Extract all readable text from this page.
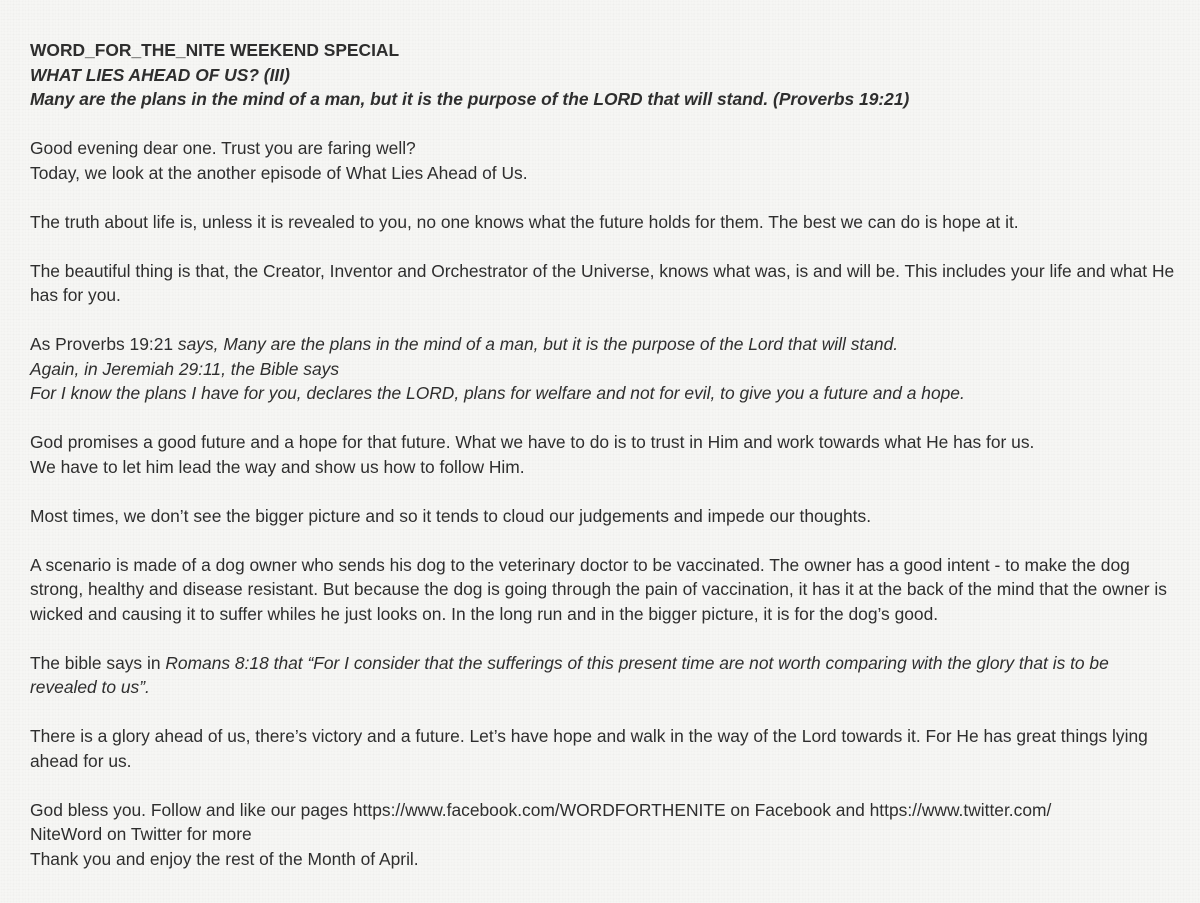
WORD_FOR_THE_NITE WEEKEND SPECIAL
WHAT LIES AHEAD OF US? (III)
Many are the plans in the mind of a man, but it is the purpose of the LORD that will stand. (Proverbs 19:21)

Good evening dear one. Trust you are faring well?
Today, we look at the another episode of What Lies Ahead of Us.

The truth about life is, unless it is revealed to you, no one knows what the future holds for them. The best we can do is hope at it.

The beautiful thing is that, the Creator, Inventor and Orchestrator of the Universe, knows what was, is and will be. This includes your life and what He has for you.

As Proverbs 19:21 says, Many are the plans in the mind of a man, but it is the purpose of the Lord that will stand.
Again, in Jeremiah 29:11, the Bible says
For I know the plans I have for you, declares the LORD, plans for welfare and not for evil, to give you a future and a hope.

God promises a good future and a hope for that future. What we have to do is to trust in Him and work towards what He has for us.
We have to let him lead the way and show us how to follow Him.

Most times, we don’t see the bigger picture and so it tends to cloud our judgements and impede our thoughts.

A scenario is made of a dog owner who sends his dog to the veterinary doctor to be vaccinated. The owner has a good intent - to make the dog strong, healthy and disease resistant. But because the dog is going through the pain of vaccination, it has it at the back of the mind that the owner is wicked and causing it to suffer whiles he just looks on. In the long run and in the bigger picture, it is for the dog’s good.

The bible says in Romans 8:18 that “For I consider that the sufferings of this present time are not worth comparing with the glory that is to be revealed to us”.

There is a glory ahead of us, there’s victory and a future. Let’s have hope and walk in the way of the Lord towards it. For He has great things lying ahead for us.

God bless you. Follow and like our pages https://www.facebook.com/WORDFORTHENITE on Facebook and https://www.twitter.com/
NiteWord on Twitter for more
Thank you and enjoy the rest of the Month of April.
